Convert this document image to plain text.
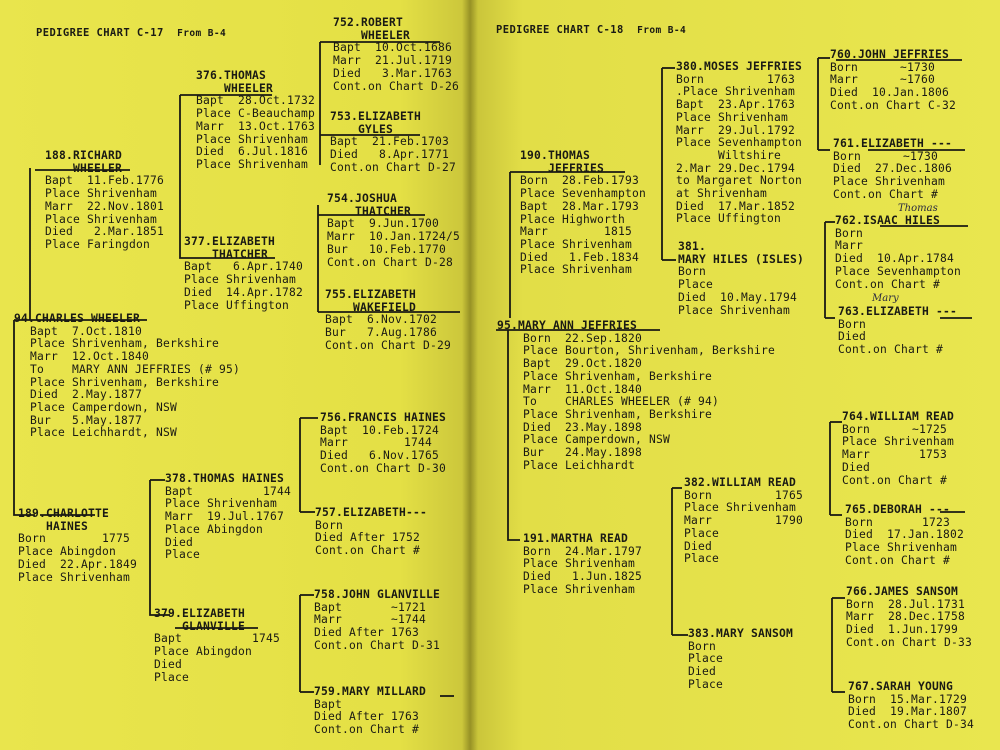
PEDIGREE CHART C-17 From B-4
94.CHARLES WHEELER
Bapt  7.Oct.1810
Place Shrivenham, Berkshire
Marr  12.Oct.1840
To    MARY ANN JEFFRIES (# 95)
Place Shrivenham, Berkshire
Died  2.May.1877
Place Camperdown, NSW
Bur   5.May.1877
Place Leichhardt, NSW
188.RICHARD
WHEELER
Bapt  11.Feb.1776
Place Shrivenham
Marr  22.Nov.1801
Place Shrivenham
Died   2.Mar.1851
Place Faringdon
189.CHARLOTTE
HAINES
Born        1775
Place Abingdon
Died  22.Apr.1849
Place Shrivenham
376.THOMAS
WHEELER
Bapt  28.Oct.1732
Place C-Beauchamp
Marr  13.Oct.1763
Place Shrivenham
Died  6.Jul.1816
Place Shrivenham
377.ELIZABETH
THATCHER
Bapt   6.Apr.1740
Place Shrivenham
Died  14.Apr.1782
Place Uffington
378.THOMAS HAINES
Bapt          1744
Place Shrivenham
Marr  19.Jul.1767
Place Abingdon
Died
Place
379.ELIZABETH
GLANVILLE
Bapt          1745
Place Abingdon
Died
Place
752.ROBERT
WHEELER
Bapt  10.Oct.1686
Marr  21.Jul.1719
Died   3.Mar.1763
Cont.on Chart D-26
753.ELIZABETH
GYLES
Bapt  21.Feb.1703
Died   8.Apr.1771
Cont.on Chart D-27
754.JOSHUA
THATCHER
Bapt  9.Jun.1700
Marr  10.Jan.1724/5
Bur   10.Feb.1770
Cont.on Chart D-28
755.ELIZABETH
WAKEFIELD
Bapt  6.Nov.1702
Bur   7.Aug.1786
Cont.on Chart D-29
756.FRANCIS HAINES
Bapt  10.Feb.1724
Marr        1744
Died   6.Nov.1765
Cont.on Chart D-30
757.ELIZABETH---
Born
Died After 1752
Cont.on Chart #
758.JOHN GLANVILLE
Bapt       ~1721
Marr       ~1744
Died After 1763
Cont.on Chart D-31
759.MARY MILLARD
Bapt
Died After 1763
Cont.on Chart #
PEDIGREE CHART C-18 From B-4
95.MARY ANN JEFFRIES
Born  22.Sep.1820
Place Bourton, Shrivenham, Berkshire
Bapt  29.Oct.1820
Place Shrivenham, Berkshire
Marr  11.Oct.1840
To    CHARLES WHEELER (# 94)
Place Shrivenham, Berkshire
Died  23.May.1898
Place Camperdown, NSW
Bur   24.May.1898
Place Leichhardt
190.THOMAS
JEFFRIES
Born  28.Feb.1793
Place Sevenhampton
Bapt  28.Mar.1793
Place Highworth
Marr        1815
Place Shrivenham
Died   1.Feb.1834
Place Shrivenham
191.MARTHA READ
Born  24.Mar.1797
Place Shrivenham
Died   1.Jun.1825
Place Shrivenham
380.MOSES JEFFRIES
Born         1763
.Place Shrivenham
Bapt  23.Apr.1763
Place Shrivenham
Marr  29.Jul.1792
Place Sevenhampton
Wiltshire
2.Mar 29.Dec.1794
to Margaret Norton
at Shrivenham
Died  17.Mar.1852
Place Uffington
381.
MARY HILES (ISLES)
Born
Place
Died  10.May.1794
Place Shrivenham
382.WILLIAM READ
Born         1765
Place Shrivenham
Marr         1790
Place
Died
Place
383.MARY SANSOM
Born
Place
Died
Place
760.JOHN JEFFRIES
Born      ~1730
Marr      ~1760
Died  10.Jan.1806
Cont.on Chart C-32
761.ELIZABETH ---
Born      ~1730
Died  27.Dec.1806
Place Shrivenham
Cont.on Chart #
762.ISAAC HILES
Born
Marr
Died  10.Apr.1784
Place Sevenhampton
Cont.on Chart #
763.ELIZABETH ---
Born
Died
Cont.on Chart #
764.WILLIAM READ
Born      ~1725
Place Shrivenham
Marr       1753
Died
Cont.on Chart #
765.DEBORAH ---
Born       1723
Died  17.Jan.1802
Place Shrivenham
Cont.on Chart #
766.JAMES SANSOM
Born  28.Jul.1731
Marr  28.Dec.1758
Died  1.Jun.1799
Cont.on Chart D-33
767.SARAH YOUNG
Born  15.Mar.1729
Died  19.Mar.1807
Cont.on Chart D-34
Thomas
Mary
